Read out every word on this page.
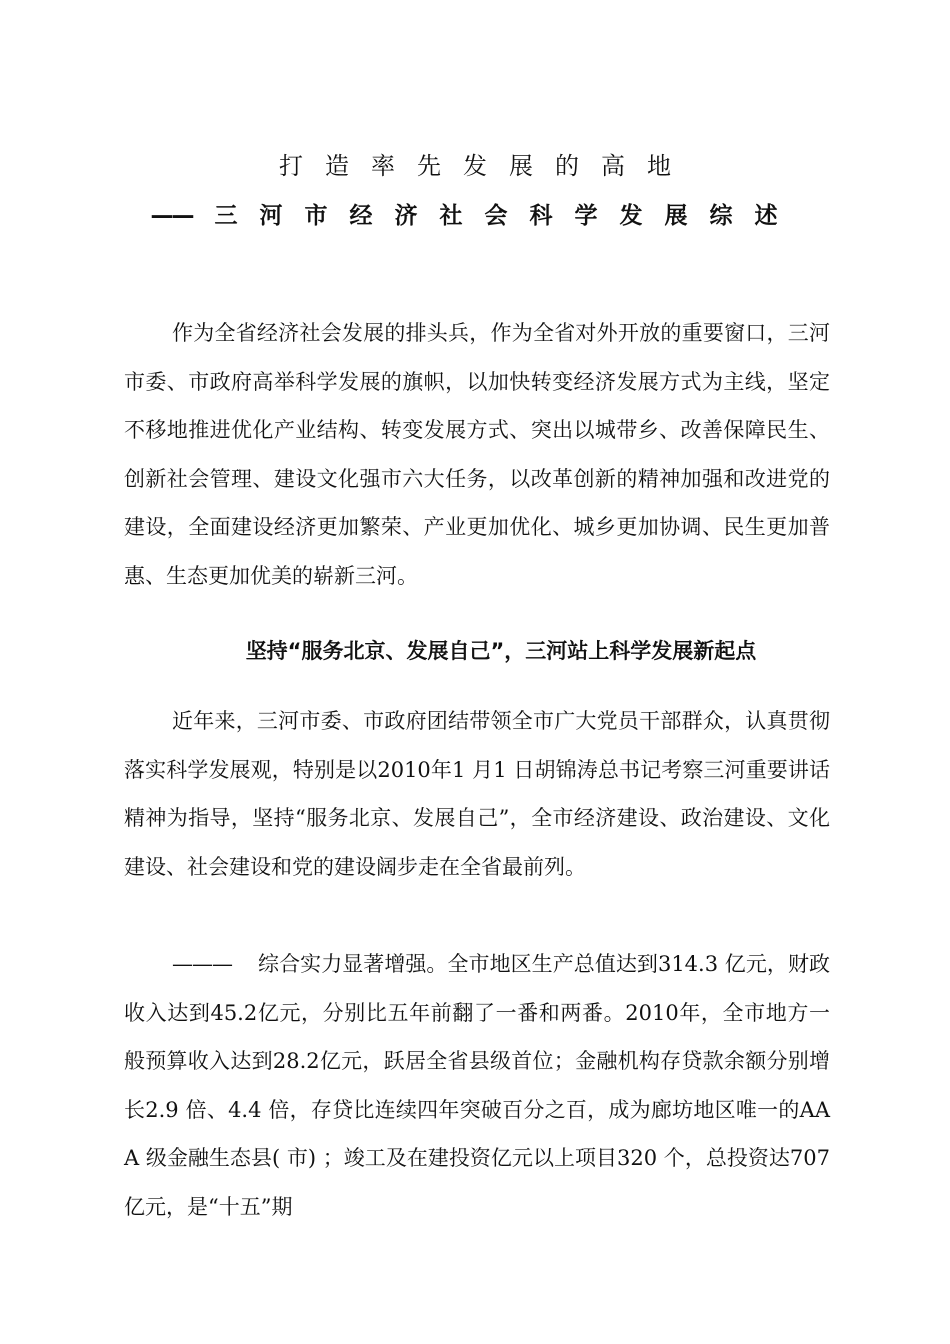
打造率先发展的高地
—— 三河市经济社会科学发展综述

作为全省经济社会发展的排头兵，作为全省对外开放的重要窗口，三河市委、市政府高举科学发展的旗帜，以加快转变经济发展方式为主线，坚定不移地推进优化产业结构、转变发展方式、突出以城带乡、改善保障民生、创新社会管理、建设文化强市六大任务，以改革创新的精神加强和改进党的建设，全面建设经济更加繁荣、产业更加优化、城乡更加协调、民生更加普惠、生态更加优美的崭新三河。

坚持“服务北京、发展自己”，三河站上科学发展新起点

近年来，三河市委、市政府团结带领全市广大党员干部群众，认真贯彻落实科学发展观，特别是以2010年1 月1 日胡锦涛总书记考察三河重要讲话精神为指导，坚持“服务北京、发展自己”，全市经济建设、政治建设、文化建设、社会建设和党的建设阔步走在全省最前列。

——— 综合实力显著增强。全市地区生产总值达到314.3 亿元，财政收入达到45.2亿元，分别比五年前翻了一番和两番。2010年，全市地方一般预算收入达到28.2亿元，跃居全省县级首位；金融机构存贷款余额分别增长2.9 倍、4.4 倍，存贷比连续四年突破百分之百，成为廊坊地区唯一的AAA 级金融生态县( 市) ；竣工及在建投资亿元以上项目320 个，总投资达707 亿元，是“十五”期
